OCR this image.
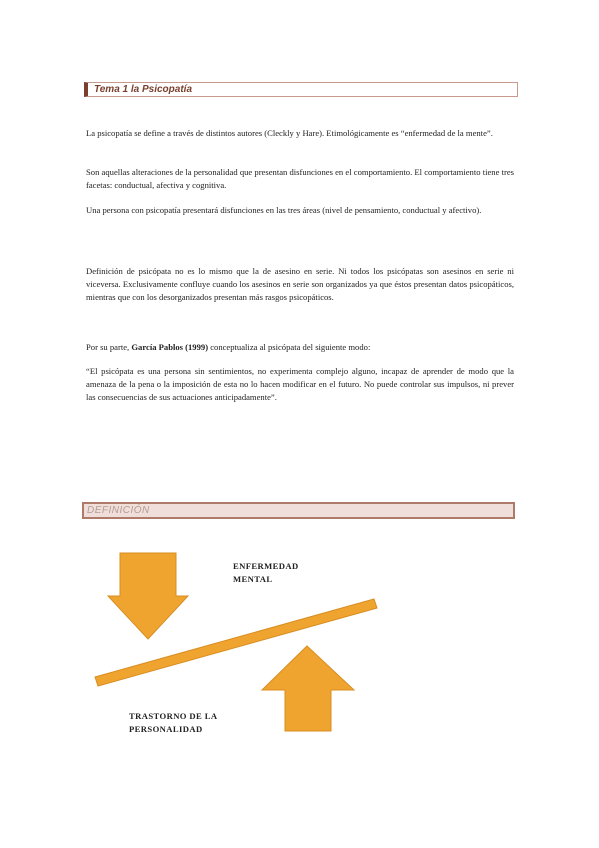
Tema 1 la Psicopatía

La psicopatía se define a través de distintos autores (Cleckly y Hare). Etimológicamente es “enfermedad de la mente”.

Son aquellas alteraciones de la personalidad que presentan disfunciones en el comportamiento. El comportamiento tiene tres facetas: conductual, afectiva y cognitiva.

Una persona con psicopatía presentará disfunciones en las tres áreas (nivel de pensamiento, conductual y afectivo).

Definición de psicópata no es lo mismo que la de asesino en serie. Ni todos los psicópatas son asesinos en serie ni viceversa. Exclusivamente confluye cuando los asesinos en serie son organizados ya que éstos presentan datos psicopáticos, mientras que con los desorganizados presentan más rasgos psicopáticos.

Por su parte, García Pablos (1999) conceptualiza al psicópata del siguiente modo:

“El psicópata es una persona sin sentimientos, no experimenta complejo alguno, incapaz de aprender de modo que la amenaza de la pena o la imposición de esta no lo hacen modificar en el futuro. No puede controlar sus impulsos, ni prever las consecuencias de sus actuaciones anticipadamente”.

DEFINICIÓN
ENFERMEDAD
MENTAL
TRASTORNO DE LA
PERSONALIDAD
